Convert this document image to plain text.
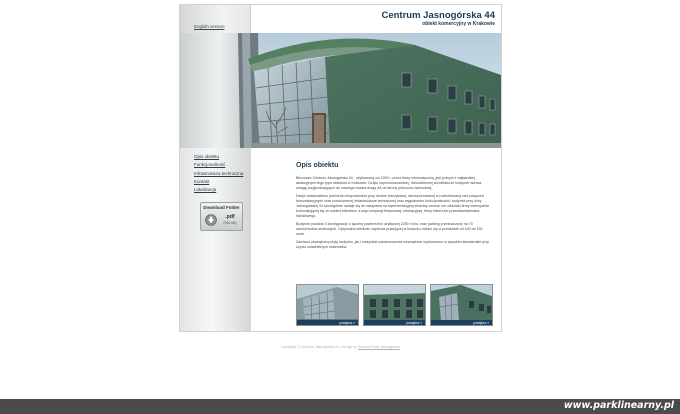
English version
Centrum Jasnogórska 44
obiekt komercyjny w Krakowie
Opis obiektu
Funkcjonalność
Infrastruktura techniczna
Kontakt
Lokalizacja
Download Folder
.pdf
(930 kB)
Opis obiektu

Biurowiec Centrum Jasnogórska 44 , użytkowany od 1999 r. przez firmę informatyczną, jest jednym z najbardziej atrakcyjnych tego typu obiektów w Krakowie. Dzięki supernowoczesnej, niecodziennej architekturze budynek zwraca uwagę przyjeżdżających do naszego miasta drogą A4 od strony północno-zachodniej.

Dzięki doskonałemu położeniu bezpośrednio przy drodze tranzytowej, wkomponowanej w rozbudowaną sieć połączeń komunikacyjnych oraz nowoczesnej infrastrukturze technicznej oraz wygodnemu funkcjonalności, budynek przy ulicy Jasnogórskiej 44 szczególnie nadaje się do związania na reprezentacyjną siedzibę central, lub oddziału firmy intensywnie komunikującej się ze swoimi klientami, a więc instytucji finansowej, edukacyjnej, firmy hitech lub przedstawicielstwa handlowego.

Budynek posiada 3 kondygnacje o łącznej powierzchni użytkowej 2280 m.kw. oraz parking przeznaczony na 70 samochodów osobowych. Optymalna wielkość zaplecza pracującej w budynku mieści się w przedziale od 100 do 150 osób.

Zarówno zewnętrzną bryłę budynku, jak i wszystkie pomieszczenia wewnętrzne wykończono w wysokim standardzie przy użyciu szlachetnych materiałów.

powiększ »	powiększ »	powiększ »
Copyright © Centrum Jasnogórska 44. Design by Rozwój Firmy Jasnogórska
www.parklinearny.pl
